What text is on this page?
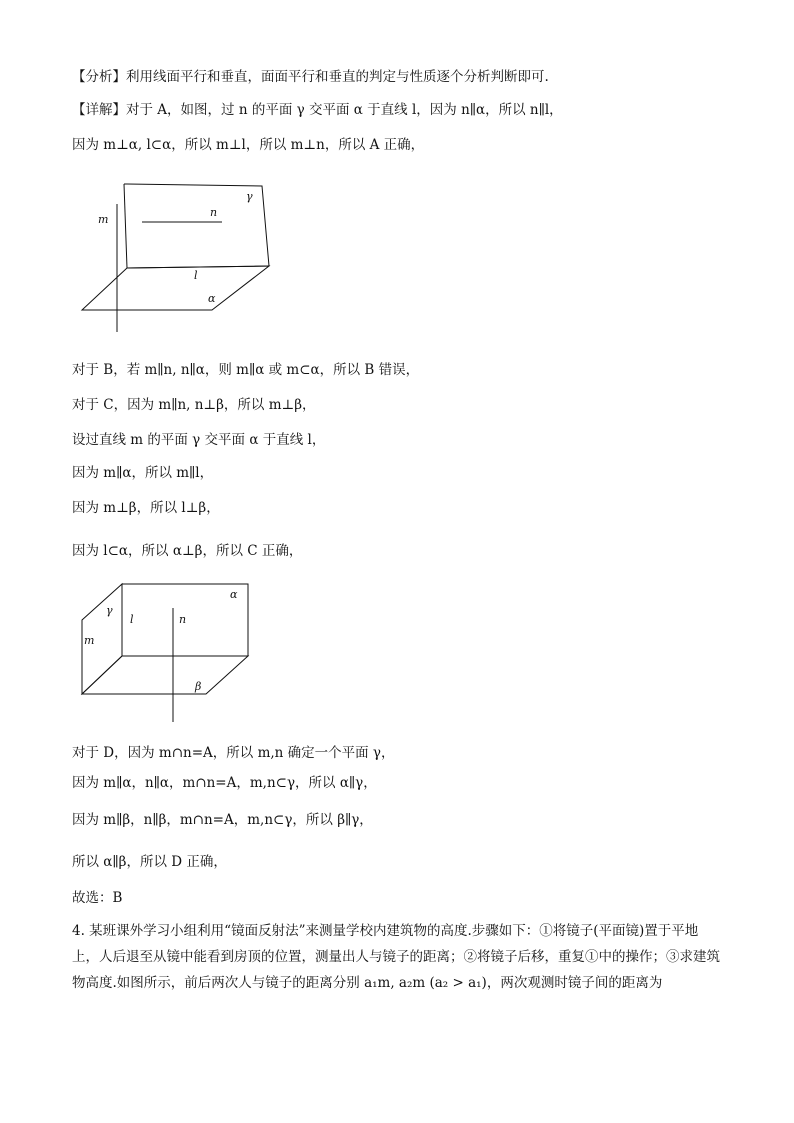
【分析】利用线面平行和垂直，面面平行和垂直的判定与性质逐个分析判断即可.
【详解】对于 A，如图，过 n 的平面 γ 交平面 α 于直线 l，因为 n∥α，所以 n∥l，
因为 m⊥α, l⊂α，所以 m⊥l，所以 m⊥n，所以 A 正确，
m
n
γ
l
α
对于 B，若 m∥n, n∥α，则 m∥α 或 m⊂α，所以 B 错误，
对于 C，因为 m∥n, n⊥β，所以 m⊥β，
设过直线 m 的平面 γ 交平面 α 于直线 l，
因为 m∥α，所以 m∥l，
因为 m⊥β，所以 l⊥β，
因为 l⊂α，所以 α⊥β，所以 C 正确，
γ
m
l	n
α
β
对于 D，因为 m∩n=A，所以 m,n 确定一个平面 γ，
因为 m∥α，n∥α，m∩n=A，m,n⊂γ，所以 α∥γ，
因为 m∥β，n∥β，m∩n=A，m,n⊂γ，所以 β∥γ，
所以 α∥β，所以 D 正确，
故选：B
4. 某班课外学习小组利用“镜面反射法”来测量学校内建筑物的高度.步骤如下：①将镜子(平面镜)置于平地上，人后退至从镜中能看到房顶的位置，测量出人与镜子的距离；②将镜子后移，重复①中的操作；③求建筑物高度.如图所示，前后两次人与镜子的距离分别 a₁m, a₂m (a₂ > a₁)，两次观测时镜子间的距离为
